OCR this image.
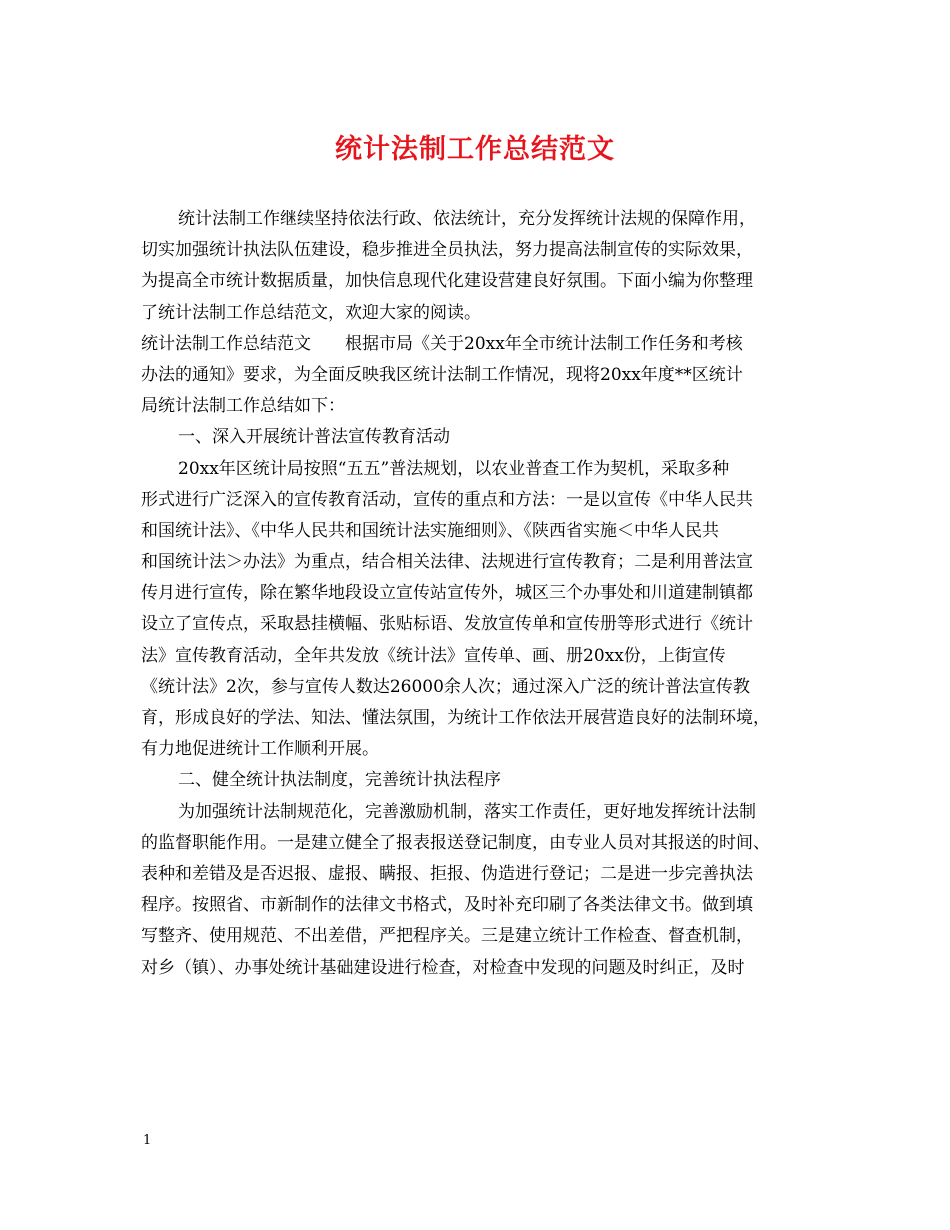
统计法制工作总结范文
统计法制工作继续坚持依法行政、依法统计，充分发挥统计法规的保障作用，
切实加强统计执法队伍建设，稳步推进全员执法，努力提高法制宣传的实际效果，
为提高全市统计数据质量，加快信息现代化建设营建良好氛围。下面小编为你整理
了统计法制工作总结范文，欢迎大家的阅读。
统计法制工作总结范文　　根据市局《关于20xx年全市统计法制工作任务和考核
办法的通知》要求，为全面反映我区统计法制工作情况，现将20xx年度**区统计
局统计法制工作总结如下：
一、深入开展统计普法宣传教育活动
20xx年区统计局按照“五五”普法规划，以农业普查工作为契机，采取多种
形式进行广泛深入的宣传教育活动，宣传的重点和方法：一是以宣传《中华人民共
和国统计法》、《中华人民共和国统计法实施细则》、《陕西省实施＜中华人民共
和国统计法＞办法》为重点，结合相关法律、法规进行宣传教育；二是利用普法宣
传月进行宣传，除在繁华地段设立宣传站宣传外，城区三个办事处和川道建制镇都
设立了宣传点，采取悬挂横幅、张贴标语、发放宣传单和宣传册等形式进行《统计
法》宣传教育活动，全年共发放《统计法》宣传单、画、册20xx份，上街宣传
《统计法》2次，参与宣传人数达26000余人次；通过深入广泛的统计普法宣传教
育，形成良好的学法、知法、懂法氛围，为统计工作依法开展营造良好的法制环境，
有力地促进统计工作顺利开展。
二、健全统计执法制度，完善统计执法程序
为加强统计法制规范化，完善激励机制，落实工作责任，更好地发挥统计法制
的监督职能作用。一是建立健全了报表报送登记制度，由专业人员对其报送的时间、
表种和差错及是否迟报、虚报、瞒报、拒报、伪造进行登记；二是进一步完善执法
程序。按照省、市新制作的法律文书格式，及时补充印刷了各类法律文书。做到填
写整齐、使用规范、不出差借，严把程序关。三是建立统计工作检查、督查机制，
对乡（镇）、办事处统计基础建设进行检查，对检查中发现的问题及时纠正，及时
1
